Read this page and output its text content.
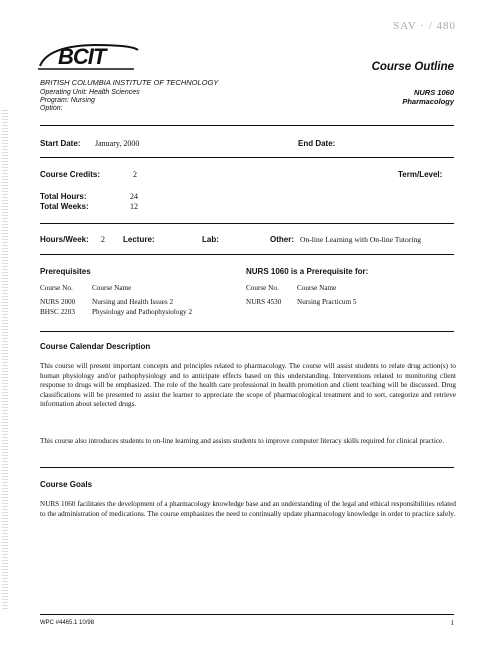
SAV · / 480
BCIT
BRITISH COLUMBIA INSTITUTE OF TECHNOLOGY
Operating Unit: Health Sciences
Program: Nursing
Option:
Course Outline
NURS 1060
Pharmacology
Start Date: January, 2000	End Date:
Course Credits:	2	Term/Level:
Total Hours:	24
Total Weeks:	12
Hours/Week: 2 Lecture:	Lab:	Other: On-line Learning with On-line Tutoring
Prerequisites
Course No.	Course Name
NURS 2000 Nursing and Health Issues 2
BHSC 2203 Physiology and Pathophysiology 2
NURS 1060 is a Prerequisite for:
Course No.	Course Name
NURS 4530 Nursing Practicum 5
Course Calendar Description
This course will present important concepts and principles related to pharmacology. The course will assist students to relate drug action(s) to human physiology and/or pathophysiology and to anticipate effects based on this understanding. Interventions related to monitoring client response to drugs will be emphasized. The role of the health care professional in health promotion and client teaching will be discussed. Drug classifications will be presented to assist the learner to appreciate the scope of pharmacological treatment and to sort, categorize and retrieve information about selected drugs.
This course also introduces students to on-line learning and assists students to improve computer literacy skills required for clinical practice.
Course Goals
NURS 1060 facilitates the development of a pharmacology knowledge base and an understanding of the legal and ethical responsibilities related to the administration of medications. The course emphasizes the need to continually update pharmacology knowledge in order to practice safely.
WPC #4465.1 10/98	1
